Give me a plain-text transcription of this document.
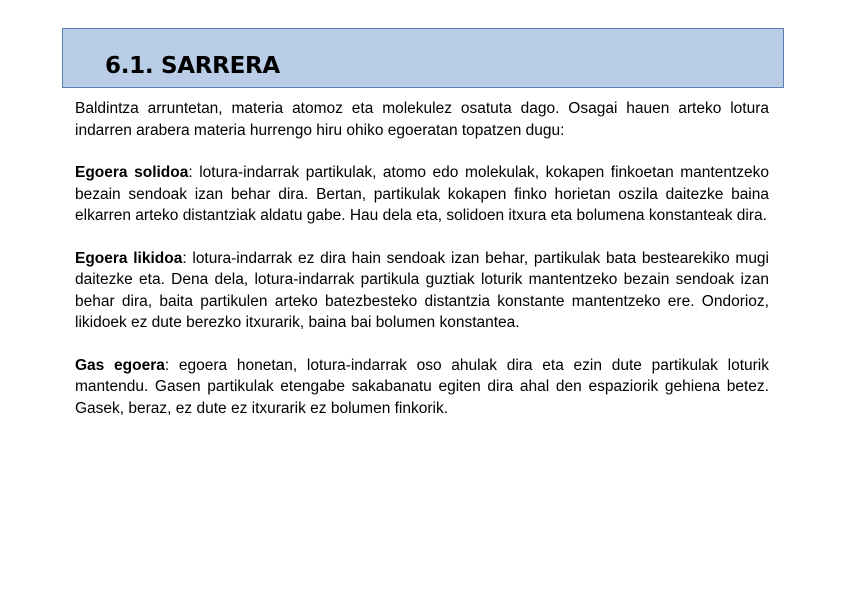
6.1. SARRERA

Baldintza arruntetan, materia atomoz eta molekulez osatuta dago. Osagai hauen arteko lotura indarren arabera materia hurrengo hiru ohiko egoeratan topatzen dugu:

Egoera solidoa: lotura-indarrak partikulak, atomo edo molekulak, kokapen finkoetan mantentzeko bezain sendoak izan behar dira. Bertan, partikulak kokapen finko horietan oszila daitezke baina elkarren arteko distantziak aldatu gabe. Hau dela eta, solidoen itxura eta bolumena konstanteak dira.

Egoera likidoa: lotura-indarrak ez dira hain sendoak izan behar, partikulak bata bestearekiko mugi daitezke eta. Dena dela, lotura-indarrak partikula guztiak loturik mantentzeko bezain sendoak izan behar dira, baita partikulen arteko batezbesteko distantzia konstante mantentzeko ere. Ondorioz, likidoek ez dute berezko itxurarik, baina bai bolumen konstantea.

Gas egoera: egoera honetan, lotura-indarrak oso ahulak dira eta ezin dute partikulak loturik mantendu. Gasen partikulak etengabe sakabanatu egiten dira ahal den espaziorik gehiena betez. Gasek, beraz, ez dute ez itxurarik ez bolumen finkorik.
